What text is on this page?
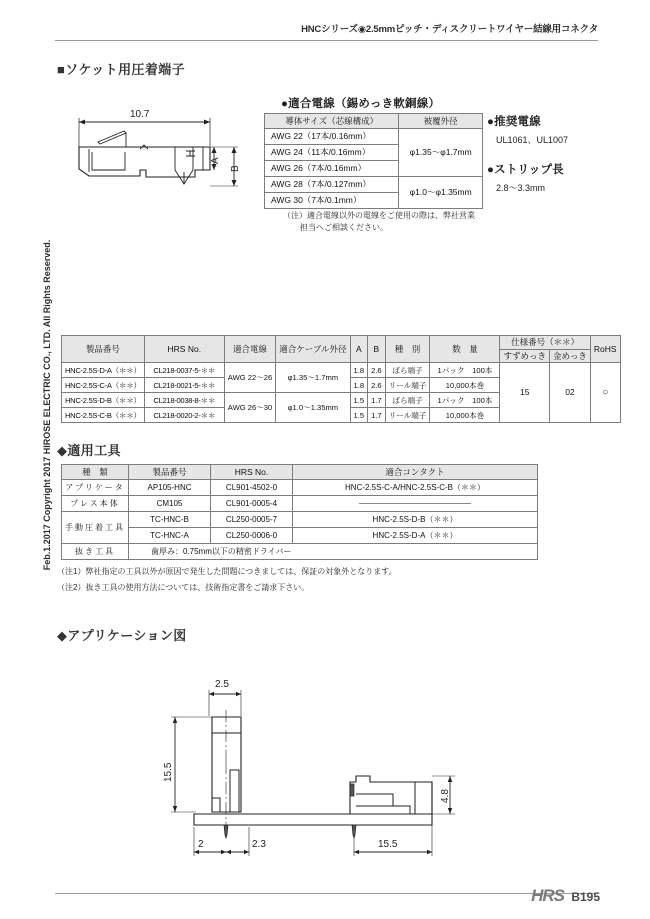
HNCシリーズ◉2.5mmピッチ・ディスクリートワイヤー結線用コネクタ
Feb.1.2017 Copyright 2017 HIROSE ELECTRIC CO., LTD. All Rights Reserved.
■ソケット用圧着端子
10.7
A
B
●適合電線（錫めっき軟銅線）
導体サイズ（芯線構成）	被覆外径
AWG 22（17本/0.16mm）	φ1.35～φ1.7mm
AWG 24（11本/0.16mm）	
AWG 26（7本/0.16mm）	
AWG 28（7本/0.127mm）	φ1.0～φ1.35mm
AWG 30（7本/0.1mm）	
（注）適合電線以外の電線をご使用の際は、弊社営業
担当へご相談ください。
●推奨電線
UL1061、UL1007
●ストリップ長
2.8～3.3mm
製品番号	HRS No.	適合電線	適合ケーブル外径	A	B	種　別	数　量	仕様番号（＊＊）		RoHS
								すずめっき	金めっき	
HNC-2.5S-D-A（＊＊）	CL218-0037-5-＊＊	AWG 22～26	φ1.35～1.7mm	1.8	2.6	ばら端子	1パック　100本	15	02	○
HNC-2.5S-C-A（＊＊）	CL218-0021-5-＊＊			1.8	2.6	リール端子	10,000本巻			
HNC-2.5S-D-B（＊＊）	CL218-0038-8-＊＊	AWG 26～30	φ1.0～1.35mm	1.5	1.7	ばら端子	1パック　100本			
HNC-2.5S-C-B（＊＊）	CL218-0020-2-＊＊			1.5	1.7	リール端子	10,000本巻			
◆適用工具
種　類	製品番号	HRS No.	適合コンタクト
アプリケータ	AP105-HNC	CL901-4502-0	HNC-2.5S-C-A/HNC-2.5S-C-B（＊＊）
プレス本体	CM105	CL901-0005-4	
手動圧着工具	TC-HNC-B	CL250-0005-7	HNC-2.5S-D-B（＊＊）
	TC-HNC-A	CL250-0006-0	HNC-2.5S-D-A（＊＊）
抜き工具	歯厚み：0.75mm以下の精密ドライバー		
（注1）弊社指定の工具以外が原因で発生した問題につきましては、保証の対象外となります。
（注2）抜き工具の使用方法については、技術指定書をご請求下さい。
◆アプリケーション図
2.5
15.5
4.8
2	2.3	15.5
HRS B195
